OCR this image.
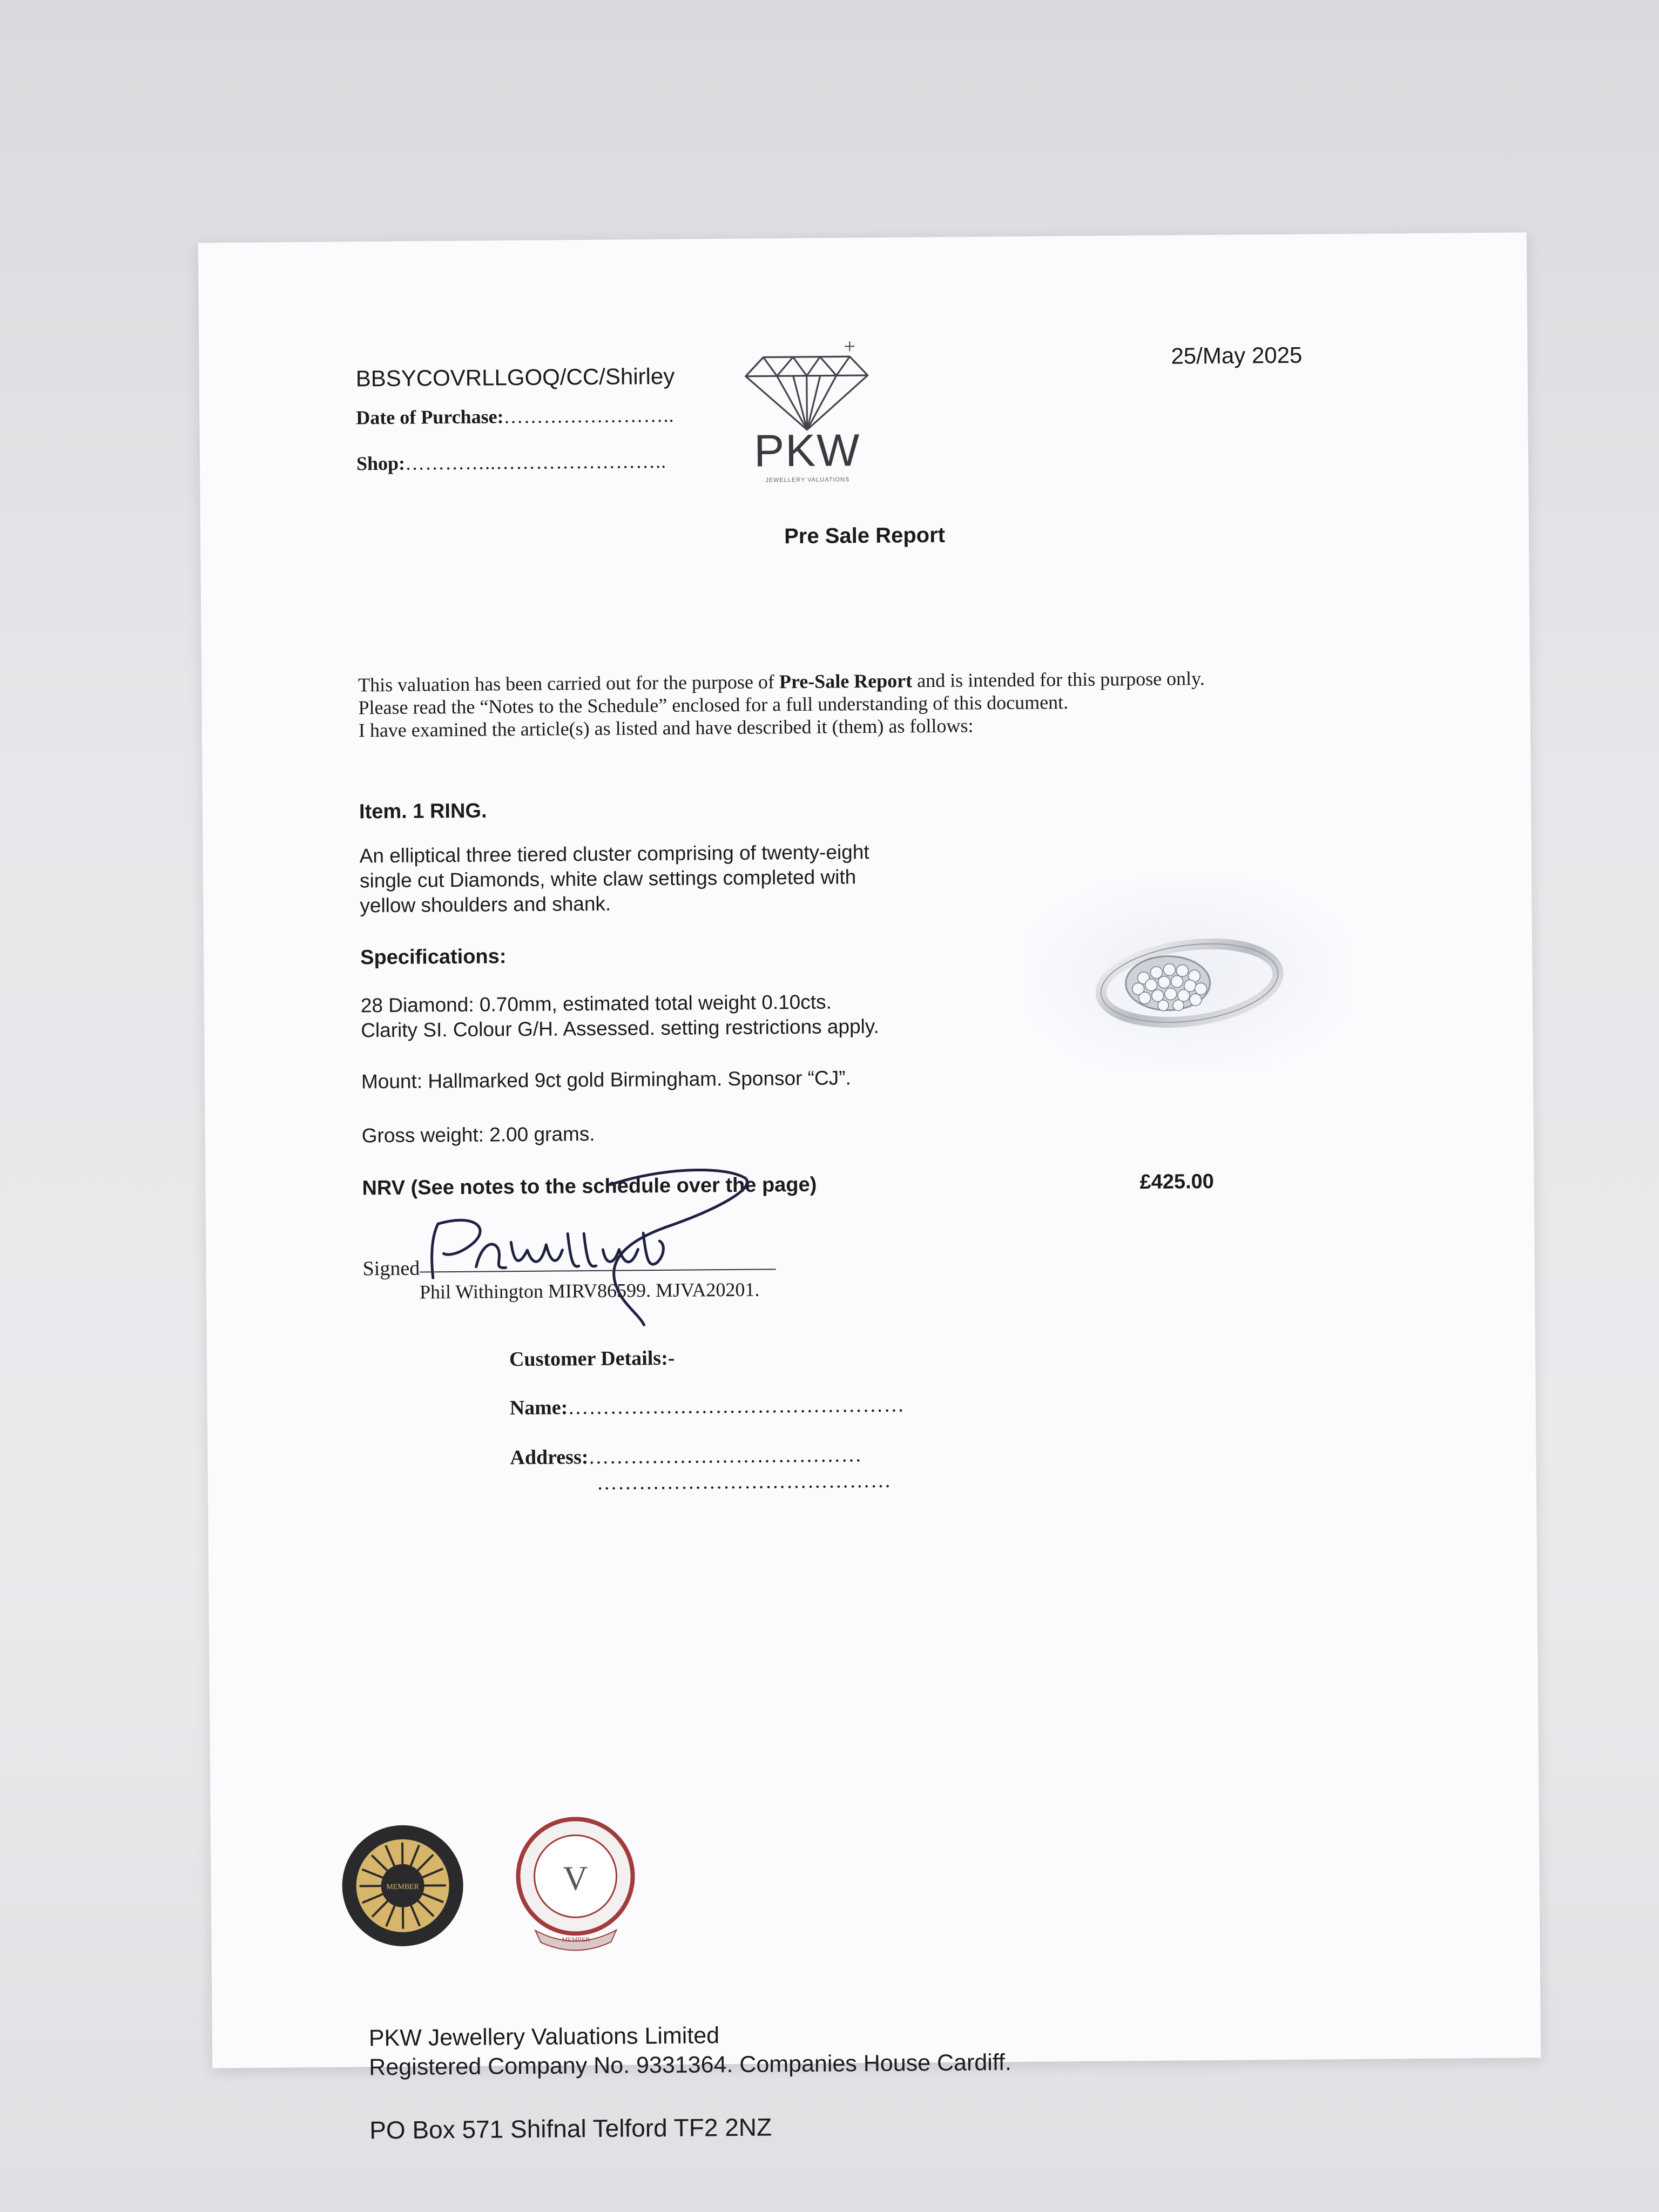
BBSYCOVRLLGOQ/CC/Shirley
25/May 2025
Date of Purchase:……………………..
Shop:…………..……………………..	PKW
JEWELLERY VALUATIONS
Pre Sale Report
This valuation has been carried out for the purpose of Pre-Sale Report and is intended for this purpose only.
Please read the “Notes to the Schedule” enclosed for a full understanding of this document.
I have examined the article(s) as listed and have described it (them) as follows:
Item. 1 RING.
An elliptical three tiered cluster comprising of twenty-eight
single cut Diamonds, white claw settings completed with
yellow shoulders and shank.
Specifications:
28 Diamond: 0.70mm, estimated total weight 0.10cts.
Clarity SI. Colour G/H. Assessed. setting restrictions apply.
Mount: Hallmarked 9ct gold Birmingham. Sponsor “CJ”.
Gross weight: 2.00 grams.
NRV (See notes to the schedule over the page)	£425.00
Signed
Phil Withington MIRV86599. MJVA20201.
Customer Details:-
Name:…………………………………………
Address:…………………………………
……………………………………
MEMBER	V
MEMBER
PKW Jewellery Valuations Limited
Registered Company No. 9331364. Companies House Cardiff.
PO Box 571 Shifnal Telford TF2 2NZ
